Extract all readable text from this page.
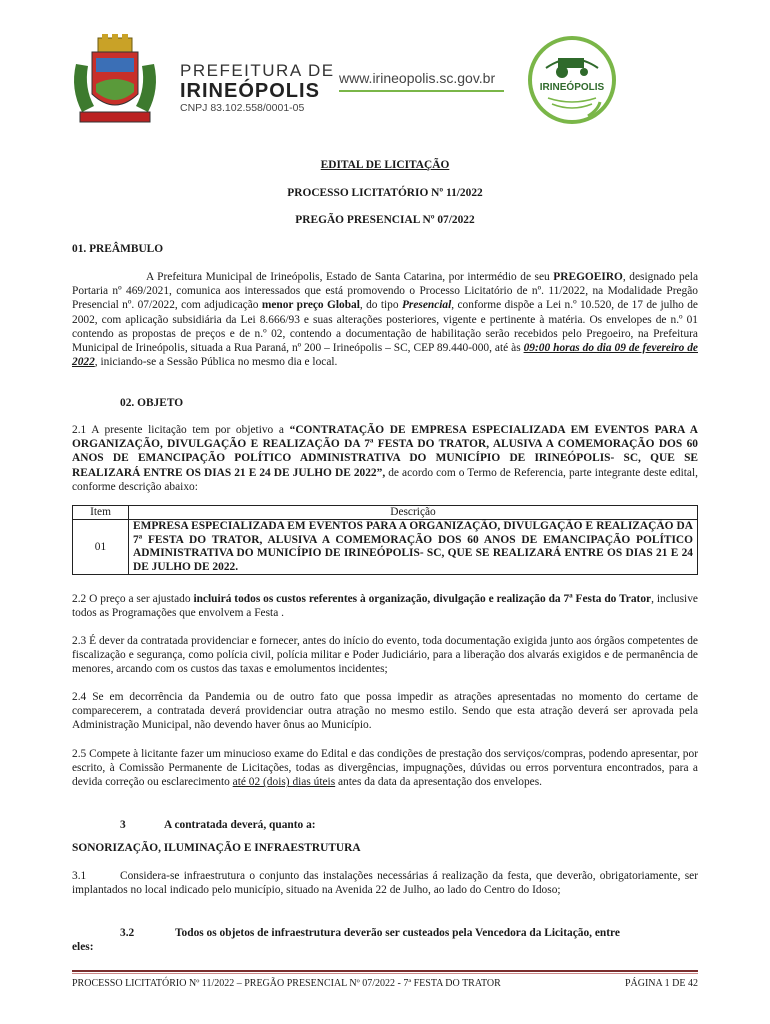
PREFEITURA DE
IRINEÓPOLIS
CNPJ 83.102.558/0001-05
www.irineopolis.sc.gov.br
IRINEÓPOLIS
EDITAL DE LICITAÇÃO
PROCESSO LICITATÓRIO Nº 11/2022
PREGÃO PRESENCIAL Nº 07/2022
01. PREÂMBULO
A Prefeitura Municipal de Irineópolis, Estado de Santa Catarina, por intermédio de seu PREGOEIRO, designado pela Portaria nº 469/2021, comunica aos interessados que está promovendo o Processo Licitatório de nº. 11/2022, na Modalidade Pregão Presencial nº. 07/2022, com adjudicação menor preço Global, do tipo Presencial, conforme dispõe a Lei n.º 10.520, de 17 de julho de 2002, com aplicação subsidiária da Lei 8.666/93 e suas alterações posteriores, vigente e pertinente à matéria. Os envelopes de n.º 01 contendo as propostas de preços e de n.º 02, contendo a documentação de habilitação serão recebidos pelo Pregoeiro, na Prefeitura Municipal de Irineópolis, situada a Rua Paraná, nº 200 – Irineópolis – SC, CEP 89.440-000, até às 09:00 horas do dia 09 de fevereiro de 2022, iniciando-se a Sessão Pública no mesmo dia e local.
02. OBJETO
2.1 A presente licitação tem por objetivo a “CONTRATAÇÃO DE EMPRESA ESPECIALIZADA EM EVENTOS PARA A ORGANIZAÇÃO, DIVULGAÇÃO E REALIZAÇÃO DA 7ª FESTA DO TRATOR, ALUSIVA A COMEMORAÇÃO DOS 60 ANOS DE EMANCIPAÇÃO POLÍTICO ADMINISTRATIVA DO MUNICÍPIO DE IRINEÓPOLIS- SC, QUE SE REALIZARÁ ENTRE OS DIAS 21 E 24 DE JULHO DE 2022”, de acordo com o Termo de Referencia, parte integrante deste edital, conforme descrição abaixo:
Item	Descrição
01	EMPRESA ESPECIALIZADA EM EVENTOS PARA A ORGANIZAÇÃO, DIVULGAÇÃO E REALIZAÇÃO DA 7ª FESTA DO TRATOR, ALUSIVA A COMEMORAÇÃO DOS 60 ANOS DE EMANCIPAÇÃO POLÍTICO ADMINISTRATIVA DO MUNICÍPIO DE IRINEÓPOLIS- SC, QUE SE REALIZARÁ ENTRE OS DIAS 21 E 24 DE JULHO DE 2022.
2.2 O preço a ser ajustado incluirá todos os custos referentes à organização, divulgação e realização da 7ª Festa do Trator, inclusive todos as Programações que envolvem a Festa .
2.3 É dever da contratada providenciar e fornecer, antes do início do evento, toda documentação exigida junto aos órgãos competentes de fiscalização e segurança, como polícia civil, polícia militar e Poder Judiciário, para a liberação dos alvarás exigidos e de permanência de menores, arcando com os custos das taxas e emolumentos incidentes;
2.4 Se em decorrência da Pandemia ou de outro fato que possa impedir as atrações apresentadas no momento do certame de comparecerem, a contratada deverá providenciar outra atração no mesmo estilo. Sendo que esta atração deverá ser aprovada pela Administração Municipal, não devendo haver ônus ao Município.
2.5 Compete à licitante fazer um minucioso exame do Edital e das condições de prestação dos serviços/compras, podendo apresentar, por escrito, à Comissão Permanente de Licitações, todas as divergências, impugnações, dúvidas ou erros porventura encontrados, para a devida correção ou esclarecimento até 02 (dois) dias úteis antes da data da apresentação dos envelopes.
3	A contratada deverá, quanto a:
SONORIZAÇÃO, ILUMINAÇÃO E INFRAESTRUTURA
3.1	Considera-se infraestrutura o conjunto das instalações necessárias á realização da festa, que deverão, obrigatoriamente, ser implantados no local indicado pelo município, situado na Avenida 22 de Julho, ao lado do Centro do Idoso;
3.2	Todos os objetos de infraestrutura deverão ser custeados pela Vencedora da Licitação, entre
eles:
PROCESSO LICITATÓRIO Nº 11/2022 – PREGÃO PRESENCIAL Nº 07/2022 - 7ª FESTA DO TRATOR	PÁGINA 1 DE 42
